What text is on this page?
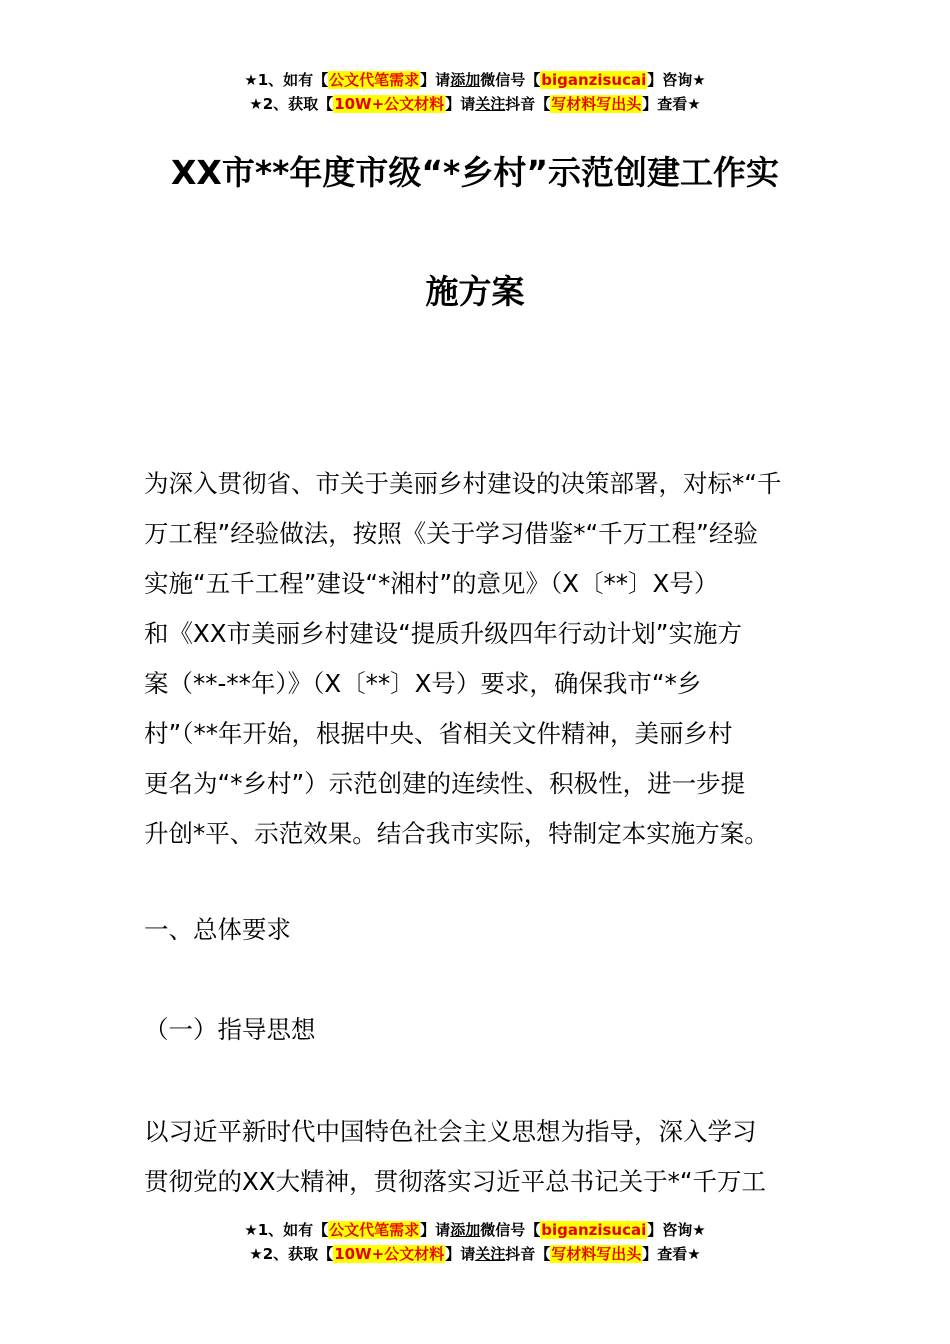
★1、如有【公文代笔需求】请添加微信号【biganzisucai】咨询★
★2、获取【10W+公文材料】请关注抖音【写材料写出头】查看★
XX市**年度市级“*乡村”示范创建工作实
施方案
为深入贯彻省、市关于美丽乡村建设的决策部署，对标*“千
万工程”经验做法，按照《关于学习借鉴*“千万工程”经验
实施“五千工程”建设“*湘村”的意见》（X〔**〕X号）
和《XX市美丽乡村建设“提质升级四年行动计划”实施方
案（**-**年）》（X〔**〕X号）要求，确保我市“*乡
村”（**年开始，根据中央、省相关文件精神，美丽乡村
更名为“*乡村”）示范创建的连续性、积极性，进一步提
升创*平、示范效果。结合我市实际，特制定本实施方案。
一、总体要求
（一）指导思想
以习近平新时代中国特色社会主义思想为指导，深入学习
贯彻党的XX大精神，贯彻落实习近平总书记关于*“千万工
★1、如有【公文代笔需求】请添加微信号【biganzisucai】咨询★
★2、获取【10W+公文材料】请关注抖音【写材料写出头】查看★
